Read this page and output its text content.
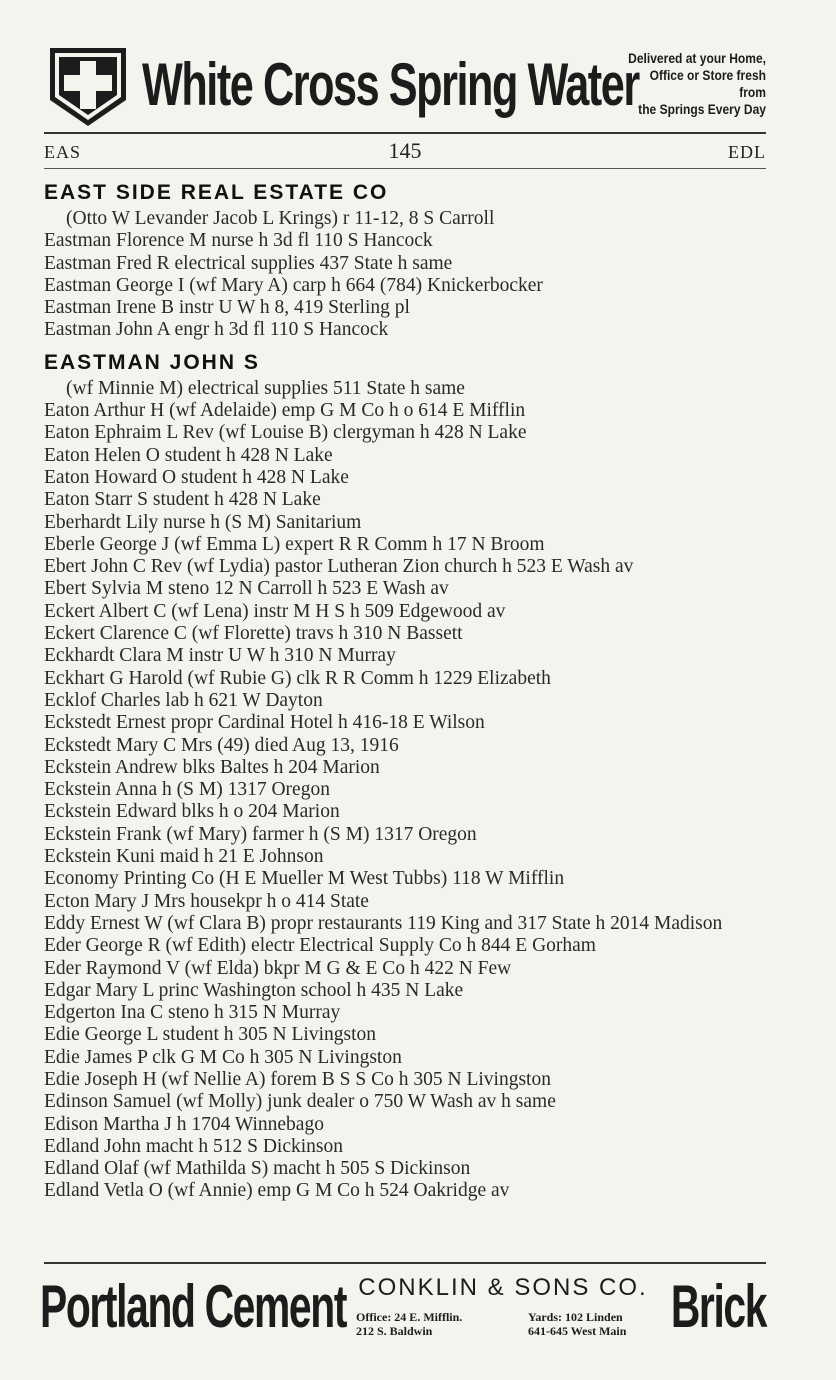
White Cross Spring Water
Delivered at your Home,
Office or Store fresh from
the Springs Every Day
EAS	145	EDL
EAST SIDE REAL ESTATE CO
(Otto W Levander Jacob L Krings) r 11-12, 8 S Carroll
Eastman Florence M nurse h 3d fl 110 S Hancock
Eastman Fred R electrical supplies 437 State h same
Eastman George I (wf Mary A) carp h 664 (784) Knickerbocker
Eastman Irene B instr U W h 8, 419 Sterling pl
Eastman John A engr h 3d fl 110 S Hancock
EASTMAN JOHN S
(wf Minnie M) electrical supplies 511 State h same
Eaton Arthur H (wf Adelaide) emp G M Co h o 614 E Mifflin
Eaton Ephraim L Rev (wf Louise B) clergyman h 428 N Lake
Eaton Helen O student h 428 N Lake
Eaton Howard O student h 428 N Lake
Eaton Starr S student h 428 N Lake
Eberhardt Lily nurse h (S M) Sanitarium
Eberle George J (wf Emma L) expert R R Comm h 17 N Broom
Ebert John C Rev (wf Lydia) pastor Lutheran Zion church h 523 E Wash av
Ebert Sylvia M steno 12 N Carroll h 523 E Wash av
Eckert Albert C (wf Lena) instr M H S h 509 Edgewood av
Eckert Clarence C (wf Florette) travs h 310 N Bassett
Eckhardt Clara M instr U W h 310 N Murray
Eckhart G Harold (wf Rubie G) clk R R Comm h 1229 Elizabeth
Ecklof Charles lab h 621 W Dayton
Eckstedt Ernest propr Cardinal Hotel h 416-18 E Wilson
Eckstedt Mary C Mrs (49) died Aug 13, 1916
Eckstein Andrew blks Baltes h 204 Marion
Eckstein Anna h (S M) 1317 Oregon
Eckstein Edward blks h o 204 Marion
Eckstein Frank (wf Mary) farmer h (S M) 1317 Oregon
Eckstein Kuni maid h 21 E Johnson
Economy Printing Co (H E Mueller M West Tubbs) 118 W Mifflin
Ecton Mary J Mrs housekpr h o 414 State
Eddy Ernest W (wf Clara B) propr restaurants 119 King and 317 State h 2014 Madison
Eder George R (wf Edith) electr Electrical Supply Co h 844 E Gorham
Eder Raymond V (wf Elda) bkpr M G & E Co h 422 N Few
Edgar Mary L princ Washington school h 435 N Lake
Edgerton Ina C steno h 315 N Murray
Edie George L student h 305 N Livingston
Edie James P clk G M Co h 305 N Livingston
Edie Joseph H (wf Nellie A) forem B S S Co h 305 N Livingston
Edinson Samuel (wf Molly) junk dealer o 750 W Wash av h same
Edison Martha J h 1704 Winnebago
Edland John macht h 512 S Dickinson
Edland Olaf (wf Mathilda S) macht h 505 S Dickinson
Edland Vetla O (wf Annie) emp G M Co h 524 Oakridge av
Portland Cement CONKLIN & SONS CO.
Office: 24 E. Mifflin.
212 S. Baldwin
Yards: 102 Linden
641-645 West Main Brick
